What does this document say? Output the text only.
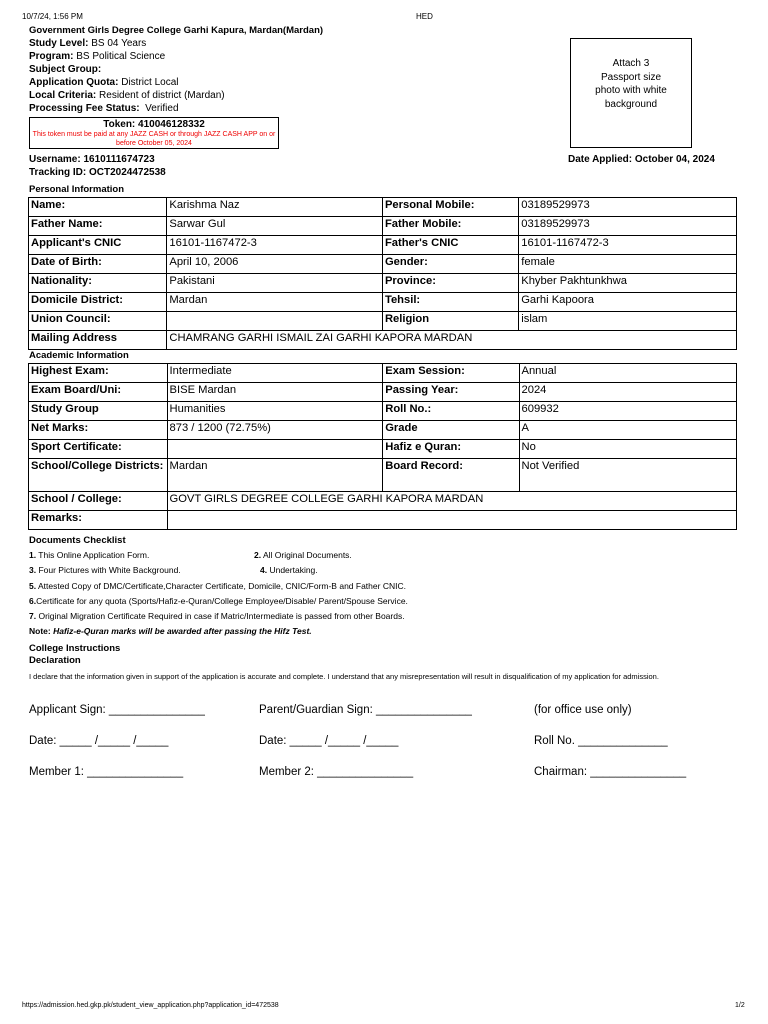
10/7/24, 1:56 PM	HED
Government Girls Degree College Garhi Kapura, Mardan(Mardan)
Study Level: BS 04 Years
Program: BS Political Science
Subject Group:
Application Quota: District Local
Local Criteria: Resident of district (Mardan)
Processing Fee Status: Verified
Token: 410046128332
This token must be paid at any JAZZ CASH or through JAZZ CASH APP on or before October 05, 2024
Attach 3 Passport size photo with white background
Username: 1610111674723
Tracking ID: OCT2024472538
Date Applied: October 04, 2024
Personal Information
Name:	Karishma Naz	Personal Mobile:	03189529973
Father Name:	Sarwar Gul	Father Mobile:	03189529973
Applicant's CNIC	16101-1167472-3	Father's CNIC	16101-1167472-3
Date of Birth:	April 10, 2006	Gender:	female
Nationality:	Pakistani	Province:	Khyber Pakhtunkhwa
Domicile District:	Mardan	Tehsil:	Garhi Kapoora
Union Council:		Religion	islam
Mailing Address	CHAMRANG GARHI ISMAIL ZAI GARHI KAPORA MARDAN		
Academic Information
Highest Exam:	Intermediate	Exam Session:	Annual
Exam Board/Uni:	BISE Mardan	Passing Year:	2024
Study Group	Humanities	Roll No.:	609932
Net Marks:	873 / 1200 (72.75%)	Grade	A
Sport Certificate:		Hafiz e Quran:	No
School/College Districts:	Mardan	Board Record:	Not Verified
School / College:	GOVT GIRLS DEGREE COLLEGE GARHI KAPORA MARDAN		
Remarks:			
Documents Checklist
1. This Online Application Form.	2. All Original Documents.
3. Four Pictures with White Background.	4. Undertaking.
5. Attested Copy of DMC/Certificate,Character Certificate, Domicile, CNIC/Form-B and Father CNIC.
6.Certificate for any quota (Sports/Hafiz-e-Quran/College Employee/Disable/ Parent/Spouse Service.
7. Original Migration Certificate Required in case if Matric/Intermediate is passed from other Boards.
Note: Hafiz-e-Quran marks will be awarded after passing the Hifz Test.
College Instructions
Declaration
I declare that the information given in support of the application is accurate and complete. I understand that any misrepresentation will result in disqualification of my application for admission.
Applicant Sign: _______________	Parent/Guardian Sign: _______________	(for office use only)
Date: _____ /_____ /_____	Date: _____ /_____ /_____	Roll No. ______________
Member 1: _______________	Member 2: _______________	Chairman: _______________
https://admission.hed.gkp.pk/student_view_application.php?application_id=472538	1/2
